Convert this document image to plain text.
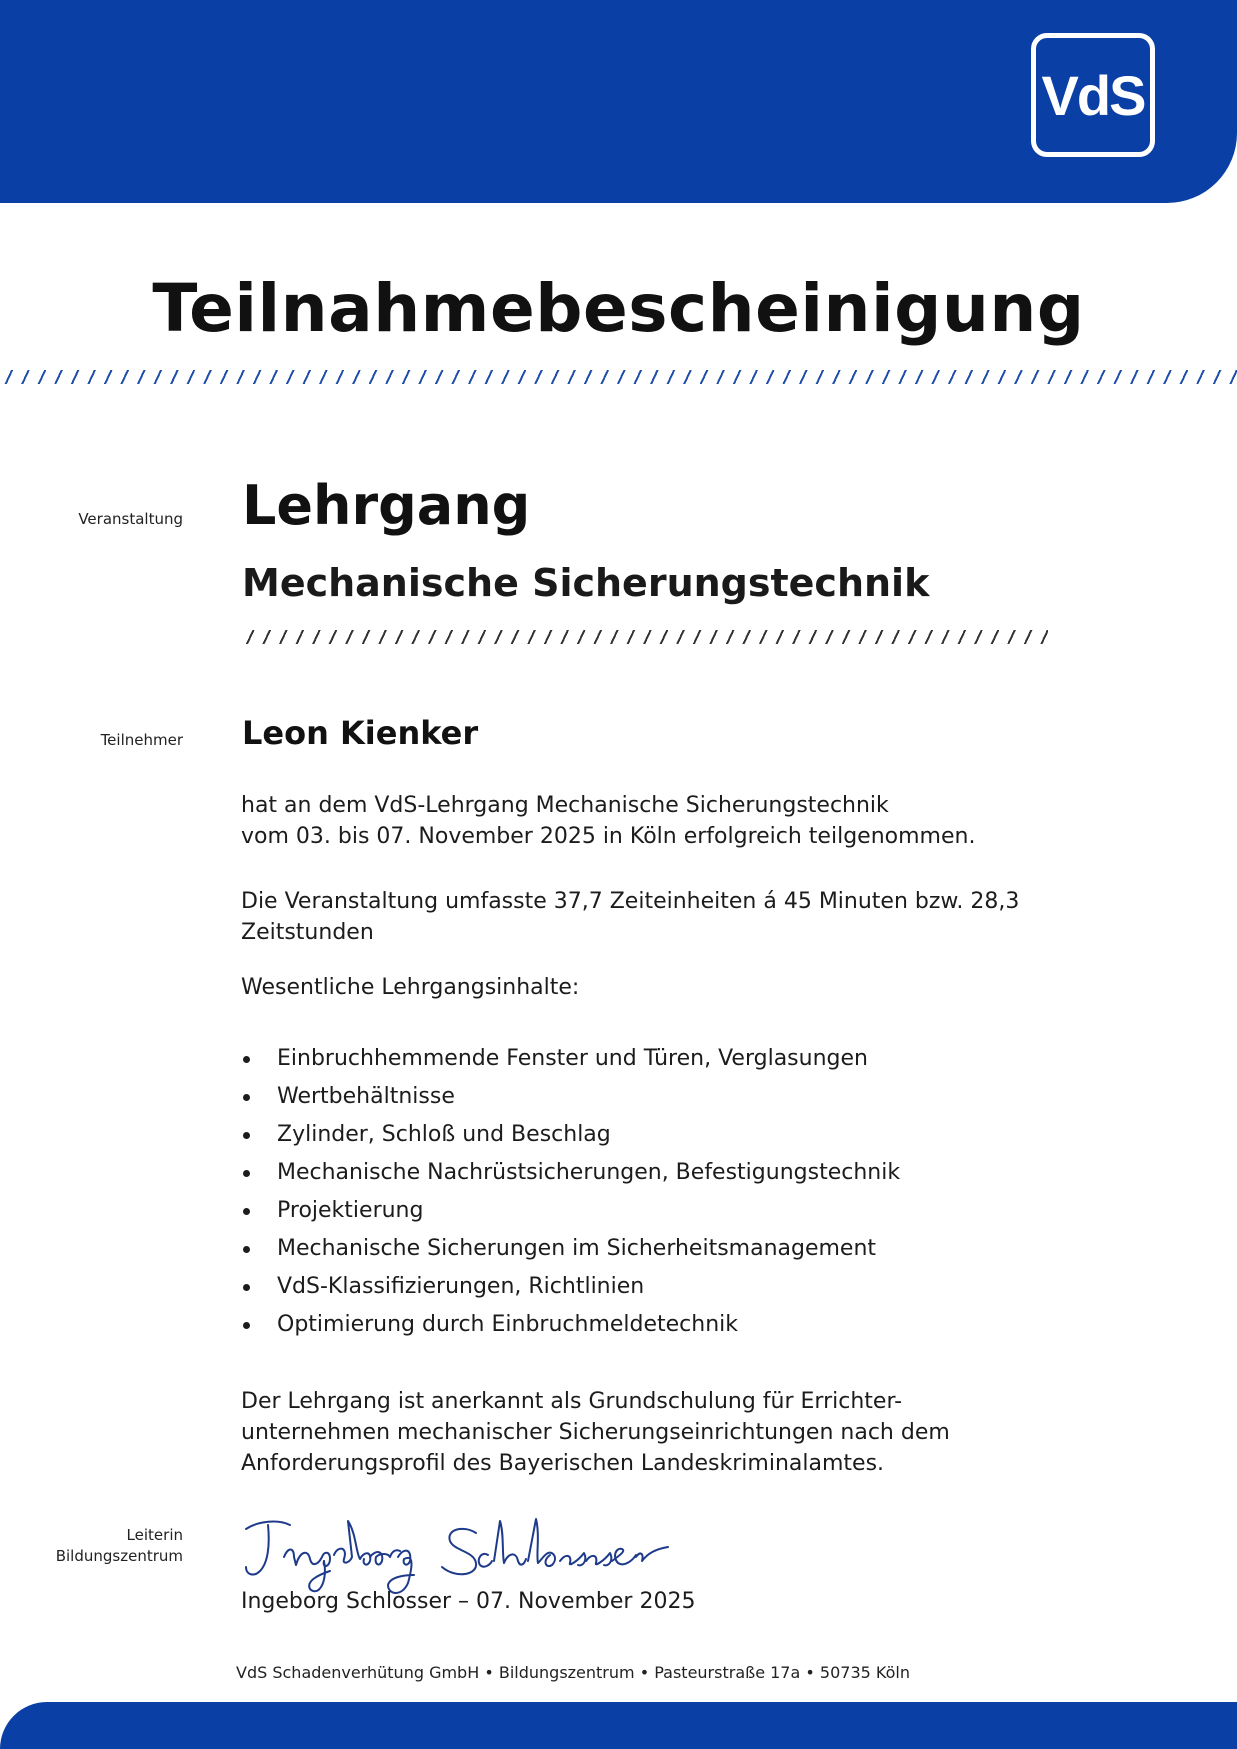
VdS
Teilnahmebescheinigung
Veranstaltung Lehrgang
Mechanische Sicherungstechnik
Teilnehmer Leon Kienker
hat an dem VdS-Lehrgang Mechanische Sicherungstechnik
vom 03. bis 07. November 2025 in Köln erfolgreich teilgenommen.
Die Veranstaltung umfasste 37,7 Zeiteinheiten á 45 Minuten bzw. 28,3
Zeitstunden
Wesentliche Lehrgangsinhalte:
Einbruchhemmende Fenster und Türen, Verglasungen
Wertbehältnisse
Zylinder, Schloß und Beschlag
Mechanische Nachrüstsicherungen, Befestigungstechnik
Projektierung
Mechanische Sicherungen im Sicherheitsmanagement
VdS-Klassifizierungen, Richtlinien
Optimierung durch Einbruchmeldetechnik
Der Lehrgang ist anerkannt als Grundschulung für Errichter-
unternehmen mechanischer Sicherungseinrichtungen nach dem
Anforderungsprofil des Bayerischen Landeskriminalamtes.
Leiterin
Bildungszentrum
Ingeborg Schlosser – 07. November 2025
VdS Schadenverhütung GmbH • Bildungszentrum • Pasteurstraße 17a • 50735 Köln
